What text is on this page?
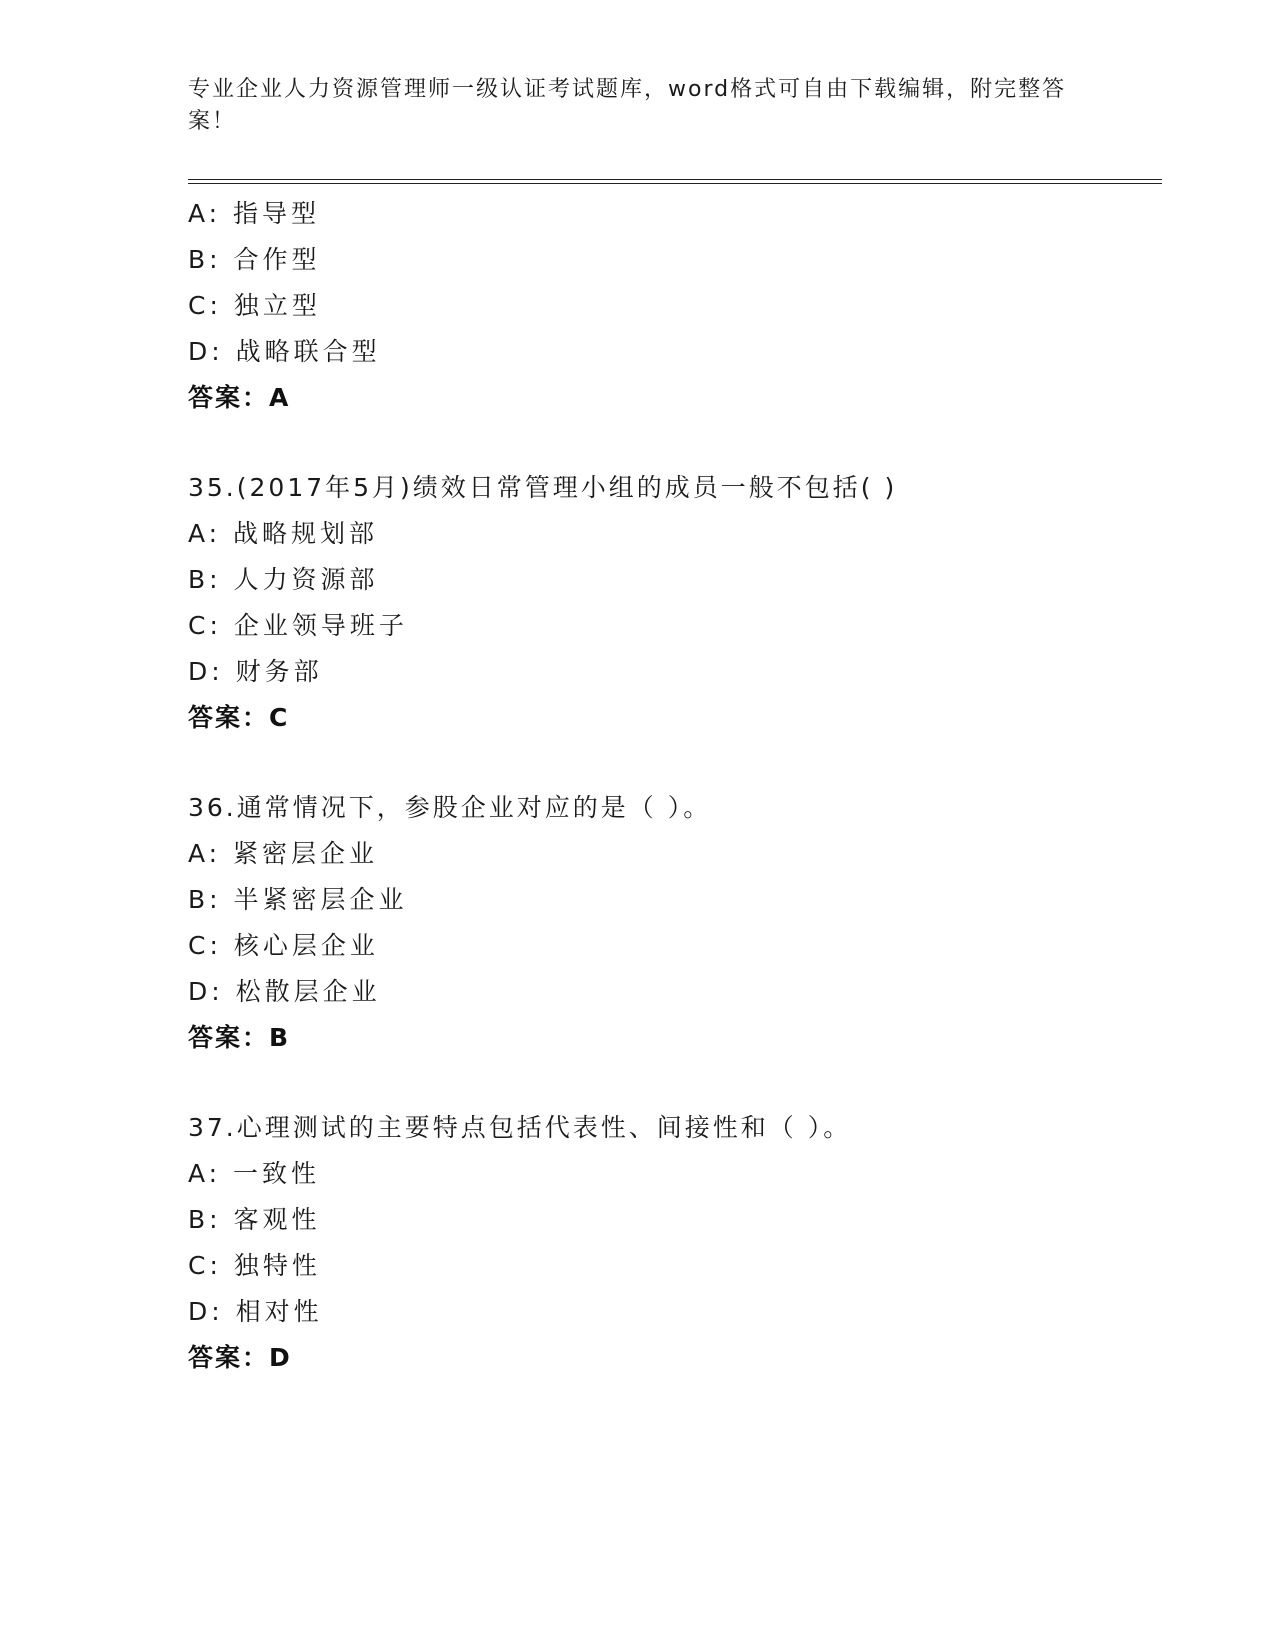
专业企业人力资源管理师一级认证考试题库，word格式可自由下载编辑，附完整答案！
A: 指导型
B: 合作型
C: 独立型
D: 战略联合型
答案：A
35.(2017年5月)绩效日常管理小组的成员一般不包括( )
A: 战略规划部
B: 人力资源部
C: 企业领导班子
D: 财务部
答案：C
36.通常情况下，参股企业对应的是（ ）。
A: 紧密层企业
B: 半紧密层企业
C: 核心层企业
D: 松散层企业
答案：B
37.心理测试的主要特点包括代表性、间接性和（ ）。
A: 一致性
B: 客观性
C: 独特性
D: 相对性
答案：D
